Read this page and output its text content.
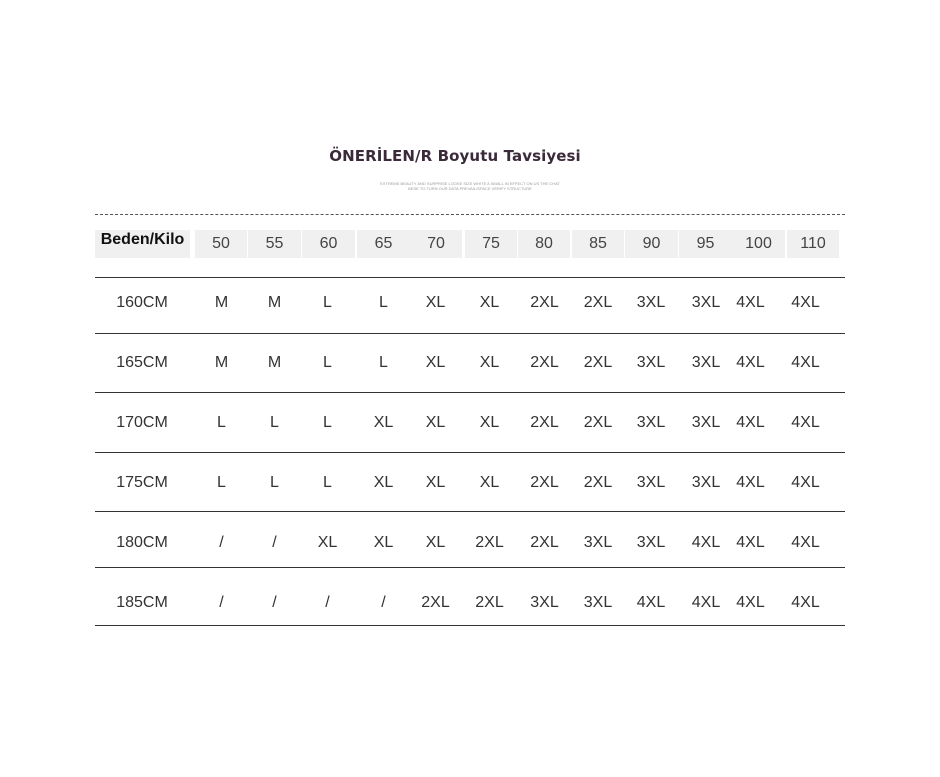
ÖNERİLEN/R Boyutu Tavsiyesi
EXTREME BEAUTY AND SURPRISE LOOSE SIZE WHITE A SMALL IN EFFECT ON US THE CHAT
BESE TO TURN OUR DATA PREVAIL/SPACE VERIFY STRUCTURE
Beden/Kilo	50	55	60	65	70	75	80	85	90	95	100	110
160CM	M	M	L	L	XL	XL	2XL	2XL	3XL	3XL	4XL	4XL
165CM	M	M	L	L	XL	XL	2XL	2XL	3XL	3XL	4XL	4XL
170CM	L	L	L	XL	XL	XL	2XL	2XL	3XL	3XL	4XL	4XL
175CM	L	L	L	XL	XL	XL	2XL	2XL	3XL	3XL	4XL	4XL
180CM	/	/	XL	XL	XL	2XL	2XL	3XL	3XL	4XL	4XL	4XL
185CM	/	/	/	/	2XL	2XL	3XL	3XL	4XL	4XL	4XL	4XL
